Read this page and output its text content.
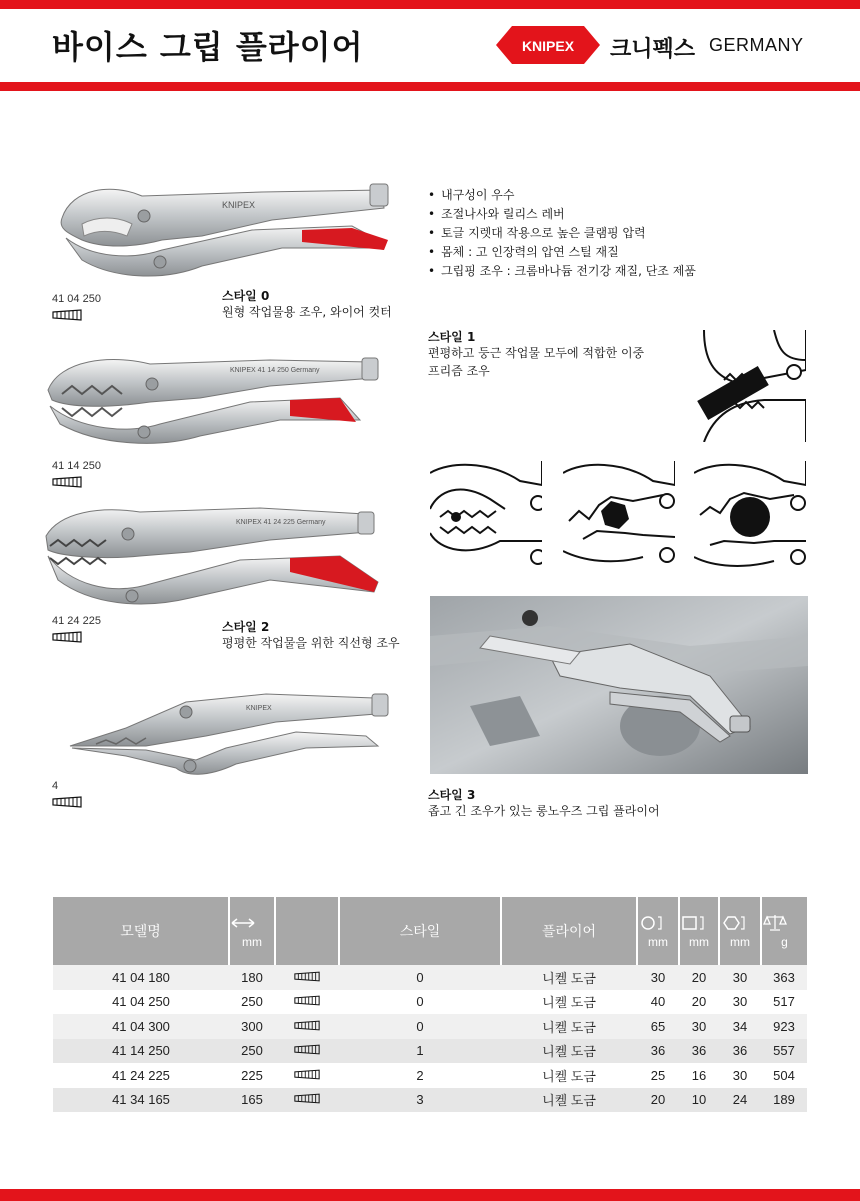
바이스 그립 플라이어	KNIPEX 크니펙스 GERMANY
• 내구성이 우수
• 조절나사와 릴리스 레버
• 토글 지렛대 작용으로 높은 클램핑 압력
• 몸체 : 고 인장력의 압연 스틸 재질
• 그립핑 조우 : 크롬바나듐 전기강 재질, 단조 제품
KNIPEX
41 04 250	스타일 0
원형 작업물용 조우, 와이어 컷터
스타일 1
편평하고 둥근 작업물 모두에 적합한 이중
프리즘 조우
KNIPEX 41 14 250 Germany
41 14 250
KNIPEX 41 24 225 Germany
41 24 225	스타일 2
평평한 작업물을 위한 직선형 조우
KNIPEX
4
스타일 3
좁고 긴 조우가 있는 롱노우즈 그립 플라이어
모델명	mm		스타일	플라이어	mm	mm	mm	g

41 04 180	180		0	니켈 도금	30	20	30	363
41 04 250	250		0	니켈 도금	40	20	30	517
41 04 300	300		0	니켈 도금	65	30	34	923
41 14 250	250		1	니켈 도금	36	36	36	557
41 24 225	225		2	니켈 도금	25	16	30	504
41 34 165	165		3	니켈 도금	20	10	24	189
